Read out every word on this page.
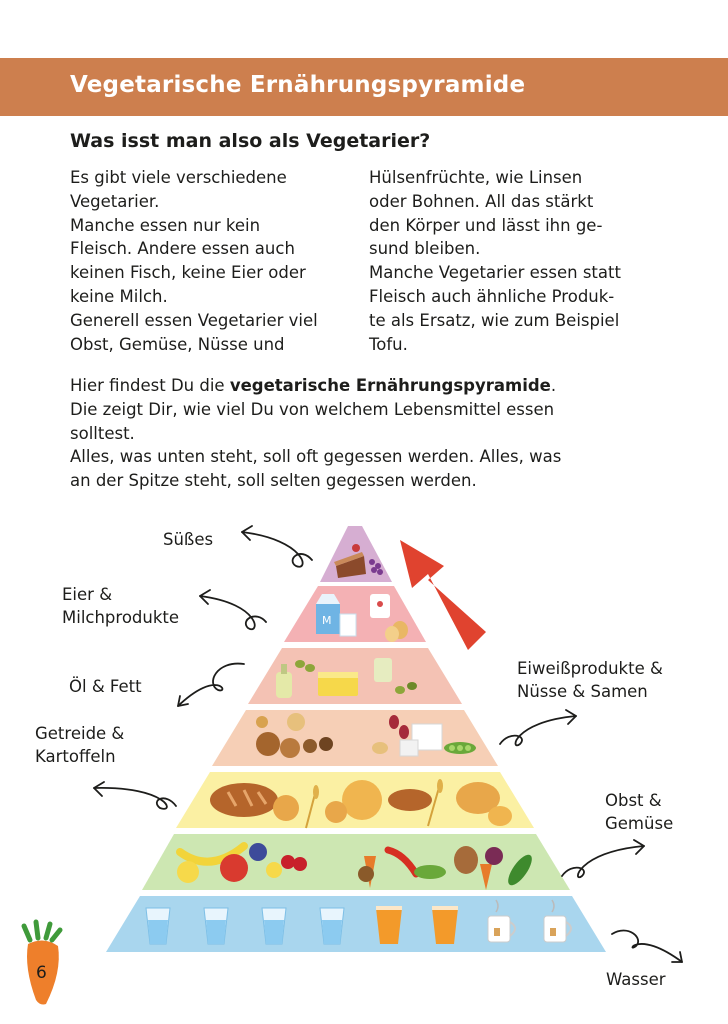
Vegetarische Ernährungspyramide
Was isst man also als Vegetarier?
Es gibt viele verschiedene
Vegetarier.
Manche essen nur kein
Fleisch. Andere essen auch
keinen Fisch, keine Eier oder
keine Milch.
Generell essen Vegetarier viel
Obst, Gemüse, Nüsse und
Hülsenfrüchte, wie Linsen
oder Bohnen. All das stärkt
den Körper und lässt ihn ge-
sund bleiben.
Manche Vegetarier essen statt
Fleisch auch ähnliche Produk-
te als Ersatz, wie zum Beispiel
Tofu.
Hier findest Du die vegetarische Ernährungspyramide.
Die zeigt Dir, wie viel Du von welchem Lebensmittel essen
solltest.
Alles, was unten steht, soll oft gegessen werden. Alles, was
an der Spitze steht, soll selten gegessen werden.
M
Süßes
Eier &
Milchprodukte
Öl & Fett
Getreide &
Kartoffeln
Eiweißprodukte &
Nüsse & Samen
Obst &
Gemüse
Wasser
6
